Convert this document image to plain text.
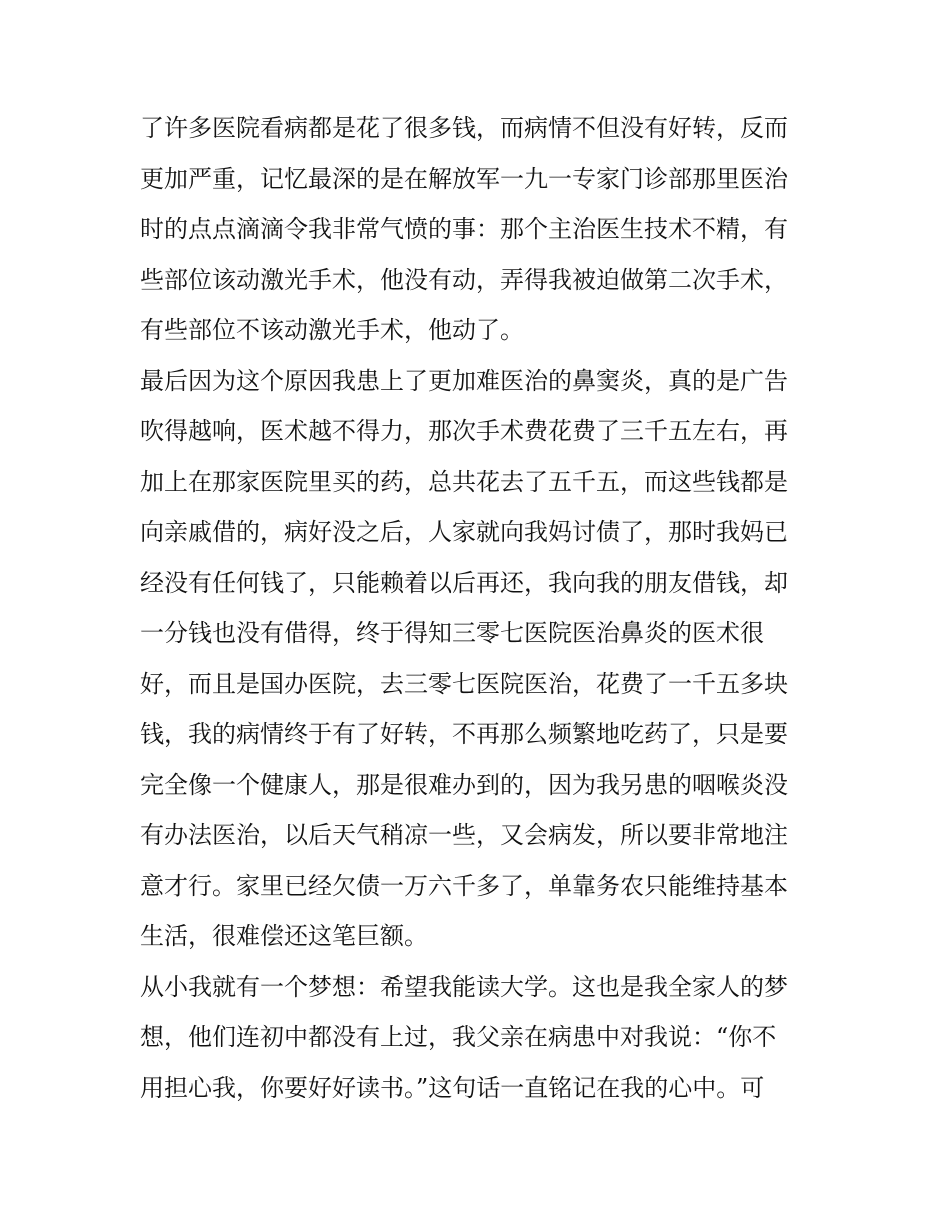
了许多医院看病都是花了很多钱，而病情不但没有好转，反而
更加严重，记忆最深的是在解放军一九一专家门诊部那里医治
时的点点滴滴令我非常气愤的事：那个主治医生技术不精，有
些部位该动激光手术，他没有动，弄得我被迫做第二次手术，
有些部位不该动激光手术，他动了。
最后因为这个原因我患上了更加难医治的鼻窦炎，真的是广告
吹得越响，医术越不得力，那次手术费花费了三千五左右，再
加上在那家医院里买的药，总共花去了五千五，而这些钱都是
向亲戚借的，病好没之后，人家就向我妈讨债了，那时我妈已
经没有任何钱了，只能赖着以后再还，我向我的朋友借钱，却
一分钱也没有借得，终于得知三零七医院医治鼻炎的医术很
好，而且是国办医院，去三零七医院医治，花费了一千五多块
钱，我的病情终于有了好转，不再那么频繁地吃药了，只是要
完全像一个健康人，那是很难办到的，因为我另患的咽喉炎没
有办法医治，以后天气稍凉一些，又会病发，所以要非常地注
意才行。家里已经欠债一万六千多了，单靠务农只能维持基本
生活，很难偿还这笔巨额。
从小我就有一个梦想：希望我能读大学。这也是我全家人的梦
想，他们连初中都没有上过，我父亲在病患中对我说：“你不
用担心我，你要好好读书。”这句话一直铭记在我的心中。可
